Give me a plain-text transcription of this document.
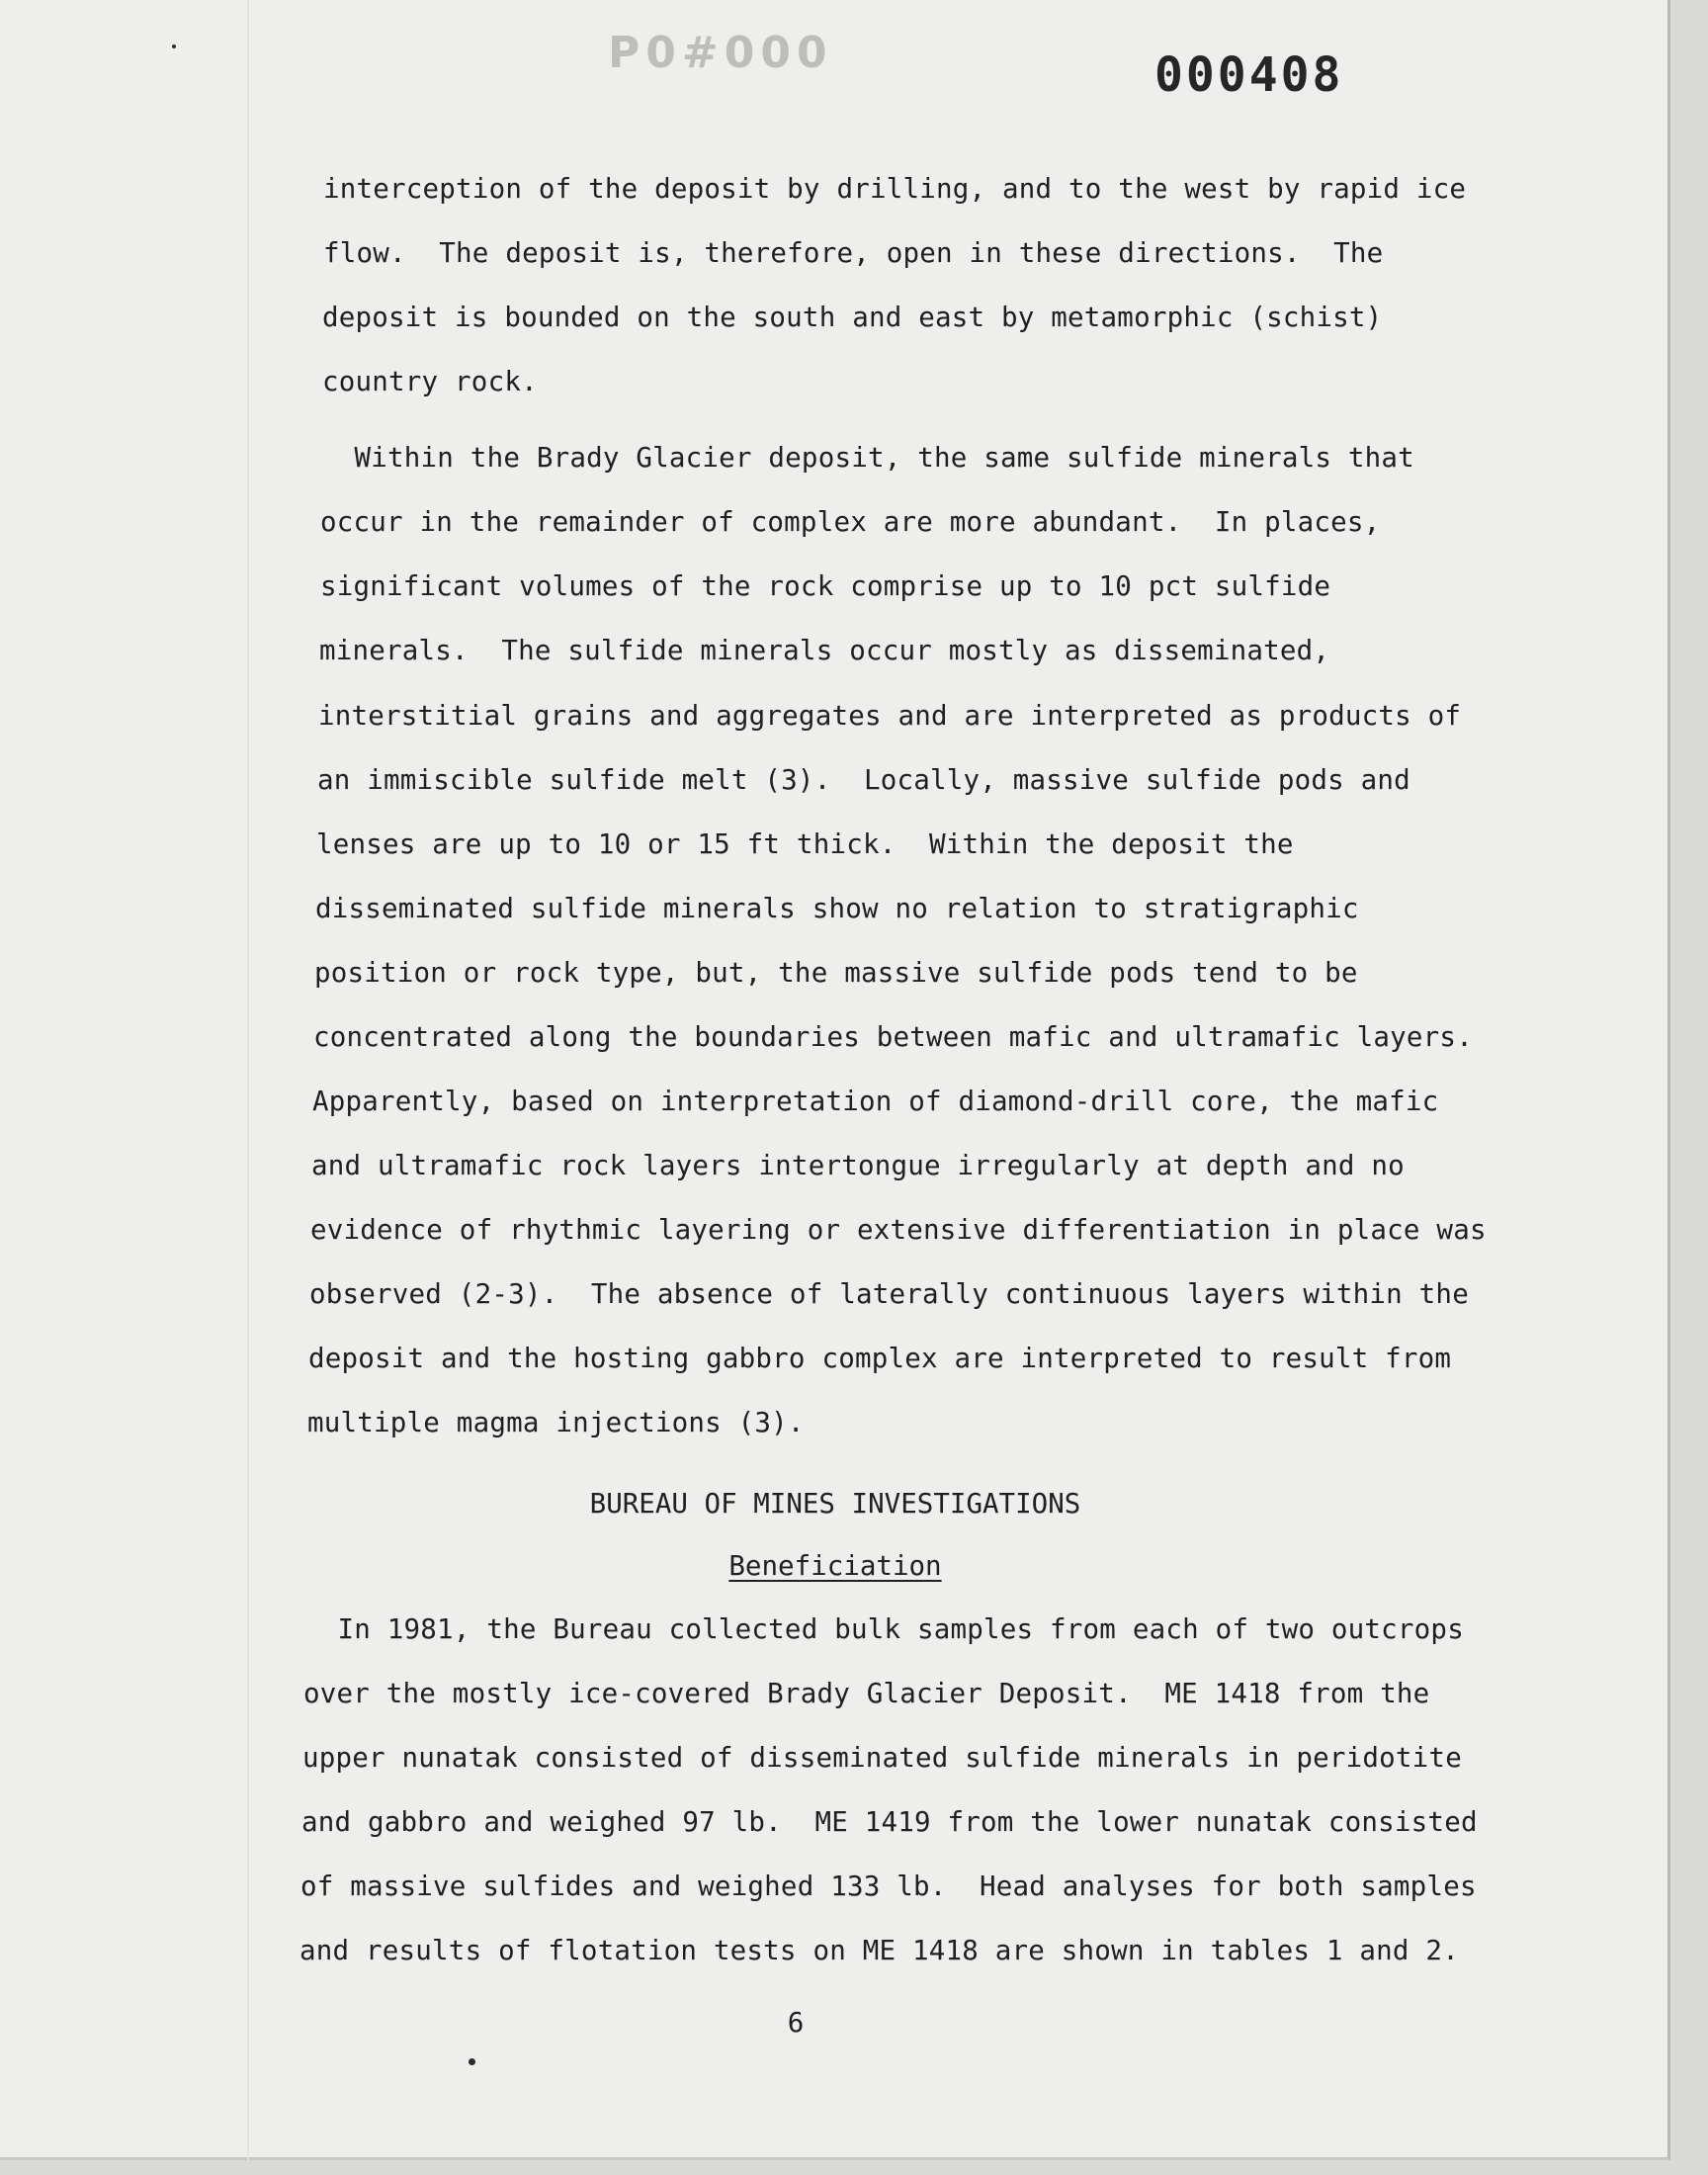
P0#000	000408
interception of the deposit by drilling, and to the west by rapid ice
flow.  The deposit is, therefore, open in these directions.  The
deposit is bounded on the south and east by metamorphic (schist)
country rock.
Within the Brady Glacier deposit, the same sulfide minerals that
occur in the remainder of complex are more abundant.  In places,
significant volumes of the rock comprise up to 10 pct sulfide
minerals.  The sulfide minerals occur mostly as disseminated,
interstitial grains and aggregates and are interpreted as products of
an immiscible sulfide melt (3).  Locally, massive sulfide pods and
lenses are up to 10 or 15 ft thick.  Within the deposit the
disseminated sulfide minerals show no relation to stratigraphic
position or rock type, but, the massive sulfide pods tend to be
concentrated along the boundaries between mafic and ultramafic layers.
Apparently, based on interpretation of diamond-drill core, the mafic
and ultramafic rock layers intertongue irregularly at depth and no
evidence of rhythmic layering or extensive differentiation in place was
observed (2-3).  The absence of laterally continuous layers within the
deposit and the hosting gabbro complex are interpreted to result from
multiple magma injections (3).
BUREAU OF MINES INVESTIGATIONS
Beneficiation
In 1981, the Bureau collected bulk samples from each of two outcrops
over the mostly ice-covered Brady Glacier Deposit.  ME 1418 from the
upper nunatak consisted of disseminated sulfide minerals in peridotite
and gabbro and weighed 97 lb.  ME 1419 from the lower nunatak consisted
of massive sulfides and weighed 133 lb.  Head analyses for both samples
and results of flotation tests on ME 1418 are shown in tables 1 and 2.
6
